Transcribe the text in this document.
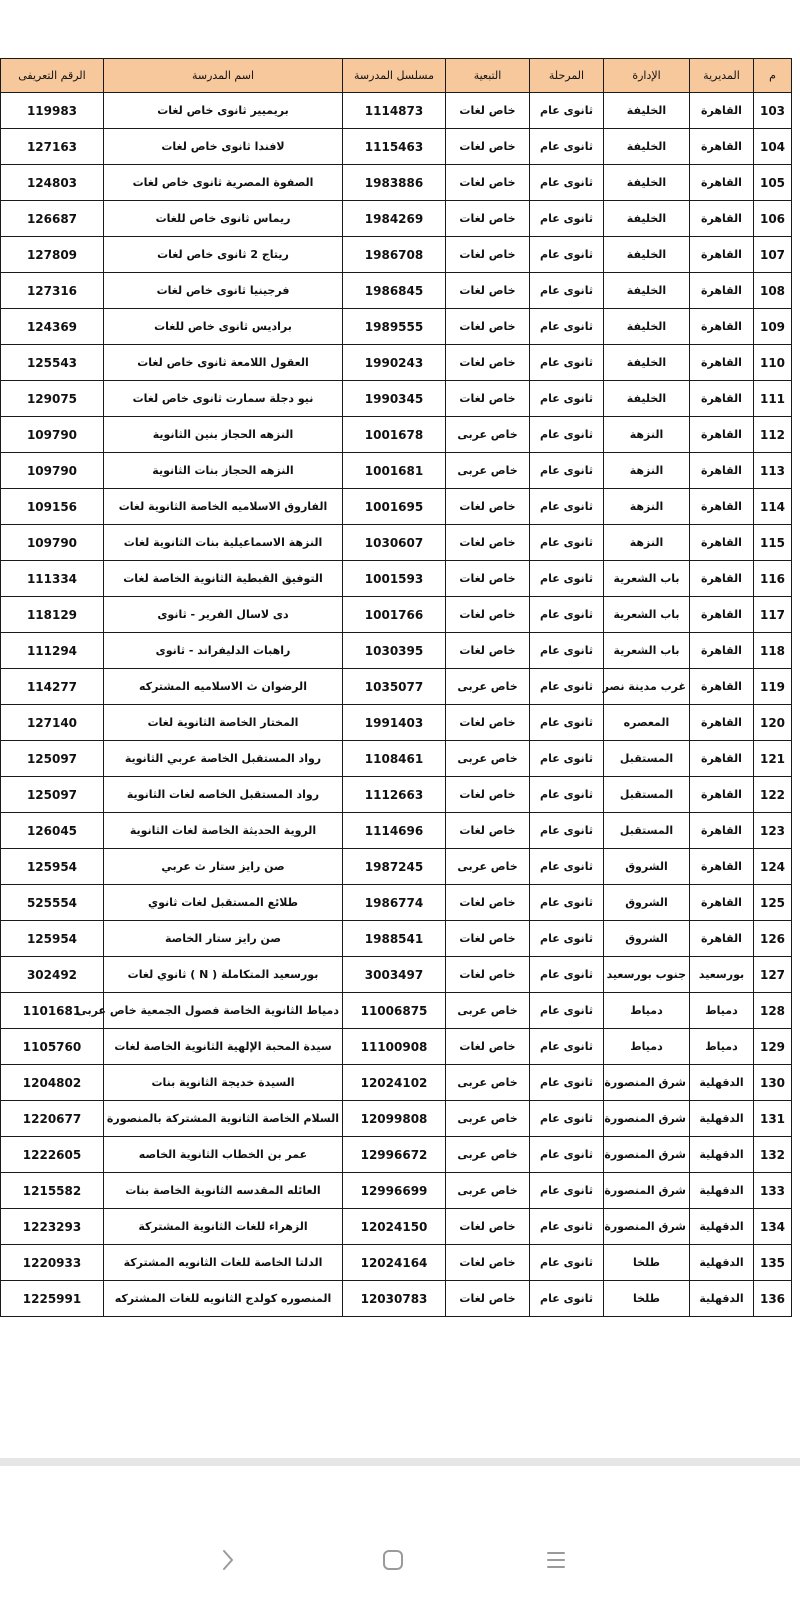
م	المديرية	الإدارة	المرحلة	التبعية	مسلسل المدرسة	اسم المدرسة	الرقم التعريفى
103	القاهرة	الخليفة	ثانوى عام	خاص لغات	1114873	بريميير ثانوى خاص لغات	119983
104	القاهرة	الخليفة	ثانوى عام	خاص لغات	1115463	لافندا ثانوى خاص لغات	127163
105	القاهرة	الخليفة	ثانوى عام	خاص لغات	1983886	الصفوة المصرية ثانوى خاص لغات	124803
106	القاهرة	الخليفة	ثانوى عام	خاص لغات	1984269	ريماس ثانوى خاص للغات	126687
107	القاهرة	الخليفة	ثانوى عام	خاص لغات	1986708	ريتاج 2 ثانوى خاص لغات	127809
108	القاهرة	الخليفة	ثانوى عام	خاص لغات	1986845	فرجينيا ثانوى خاص لغات	127316
109	القاهرة	الخليفة	ثانوى عام	خاص لغات	1989555	براديس ثانوى خاص للغات	124369
110	القاهرة	الخليفة	ثانوى عام	خاص لغات	1990243	العقول اللامعة ثانوى خاص لغات	125543
111	القاهرة	الخليفة	ثانوى عام	خاص لغات	1990345	نيو دجلة سمارت ثانوى خاص لغات	129075
112	القاهرة	النزهة	ثانوى عام	خاص عربى	1001678	النزهه الحجاز بنين الثانوية	109790
113	القاهرة	النزهة	ثانوى عام	خاص عربى	1001681	النزهه الحجاز بنات الثانوية	109790
114	القاهرة	النزهة	ثانوى عام	خاص لغات	1001695	الفاروق الاسلاميه الخاصة الثانوية لغات	109156
115	القاهرة	النزهة	ثانوى عام	خاص لغات	1030607	النزهة الاسماعيلية بنات الثانوية لغات	109790
116	القاهرة	باب الشعرية	ثانوى عام	خاص لغات	1001593	التوفيق القبطية الثانوية الخاصة لغات	111334
117	القاهرة	باب الشعرية	ثانوى عام	خاص لغات	1001766	دى لاسال الفرير - ثانوى	118129
118	القاهرة	باب الشعرية	ثانوى عام	خاص لغات	1030395	راهبات الدليفراند - ثانوى	111294
119	القاهرة	غرب مدينة نصر	ثانوى عام	خاص عربى	1035077	الرضوان ث الاسلاميه المشتركه	114277
120	القاهرة	المعصره	ثانوى عام	خاص لغات	1991403	المختار الخاصة الثانوية لغات	127140
121	القاهرة	المستقبل	ثانوى عام	خاص عربى	1108461	رواد المستقبل الخاصة عربي الثانوية	125097
122	القاهرة	المستقبل	ثانوى عام	خاص لغات	1112663	رواد المستقبل الخاصه لغات الثانوية	125097
123	القاهرة	المستقبل	ثانوى عام	خاص لغات	1114696	الروية الحديثة الخاصة لغات الثانوية	126045
124	القاهرة	الشروق	ثانوى عام	خاص عربى	1987245	صن رايز ستار ث عربي	125954
125	القاهرة	الشروق	ثانوى عام	خاص لغات	1986774	طلائع المستقبل لغات ثانوي	525554
126	القاهرة	الشروق	ثانوى عام	خاص لغات	1988541	صن رايز ستار الخاصة	125954
127	بورسعيد	جنوب بورسعيد	ثانوى عام	خاص لغات	3003497	بورسعيد المتكاملة ( N ) ثانوي لغات	302492
128	دمياط	دمياط	ثانوى عام	خاص عربى	11006875	دمياط الثانوية الخاصة فصول الجمعية خاص عربى	1101681
129	دمياط	دمياط	ثانوى عام	خاص لغات	11100908	سيدة المحبة الإلهية الثانوية الخاصة لغات	1105760
130	الدقهلية	شرق المنصورة	ثانوى عام	خاص عربى	12024102	السيدة خديجة الثانوية بنات	1204802
131	الدقهلية	شرق المنصورة	ثانوى عام	خاص عربى	12099808	السلام الخاصة الثانوية المشتركة بالمنصورة	1220677
132	الدقهلية	شرق المنصورة	ثانوى عام	خاص عربى	12996672	عمر بن الخطاب الثانوية الخاصه	1222605
133	الدقهلية	شرق المنصورة	ثانوى عام	خاص عربى	12996699	العائله المقدسه الثانوية الخاصة بنات	1215582
134	الدقهلية	شرق المنصورة	ثانوى عام	خاص لغات	12024150	الزهراء للغات الثانوية المشتركة	1223293
135	الدقهلية	طلخا	ثانوى عام	خاص لغات	12024164	الدلتا الخاصة للغات الثانويه المشتركة	1220933
136	الدقهلية	طلخا	ثانوى عام	خاص لغات	12030783	المنصوره كولدج الثانويه للغات المشتركه	1225991
